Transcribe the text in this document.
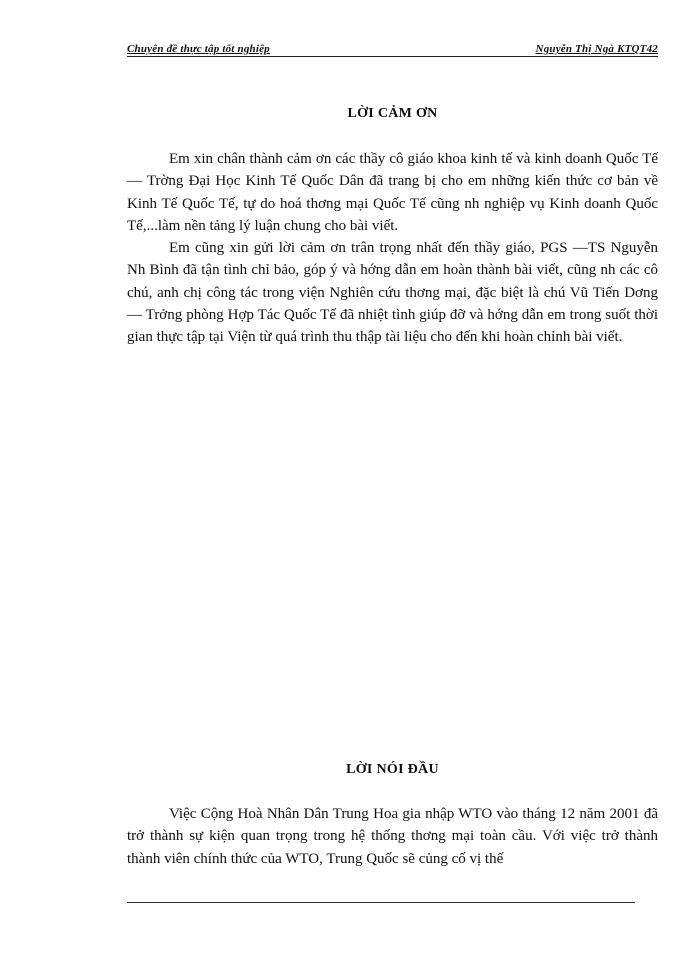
Chuyên đề thực tập tốt nghiệp	Nguyễn Thị Ngà KTQT42
LỜI CẢM ƠN

Em xin chân thành cảm ơn các thầy cô giáo khoa kinh tế và kinh doanh Quốc Tế — Trờng Đại Học Kinh Tế Quốc Dân đã trang bị cho em những kiến thức cơ bản về Kinh Tế Quốc Tế, tự do hoá thơng mại Quốc Tế cũng nh nghiệp vụ Kinh doanh Quốc Tế,...làm nền tảng lý luận chung cho bài viết.

Em cũng xin gửi lời cảm ơn trân trọng nhất đến thầy giáo, PGS —TS Nguyễn Nh Bình đã tận tình chỉ bảo, góp ý và hớng dẫn em hoàn thành bài viết, cũng nh các cô chú, anh chị công tác trong viện Nghiên cứu thơng mại, đặc biệt là chú Vũ Tiến Dơng — Trởng phòng Hợp Tác Quốc Tế đã nhiệt tình giúp đỡ và hớng dẫn em trong suốt thời gian thực tập tại Viện từ quá trình thu thập tài liệu cho đến khi hoàn chỉnh bài viết.

LỜI NÓI ĐẦU

Việc Cộng Hoà Nhân Dân Trung Hoa gia nhập WTO vào tháng 12 năm 2001 đã trở thành sự kiện quan trọng trong hệ thống thơng mại toàn cầu. Với việc trở thành thành viên chính thức của WTO, Trung Quốc sẽ củng cố vị thế
